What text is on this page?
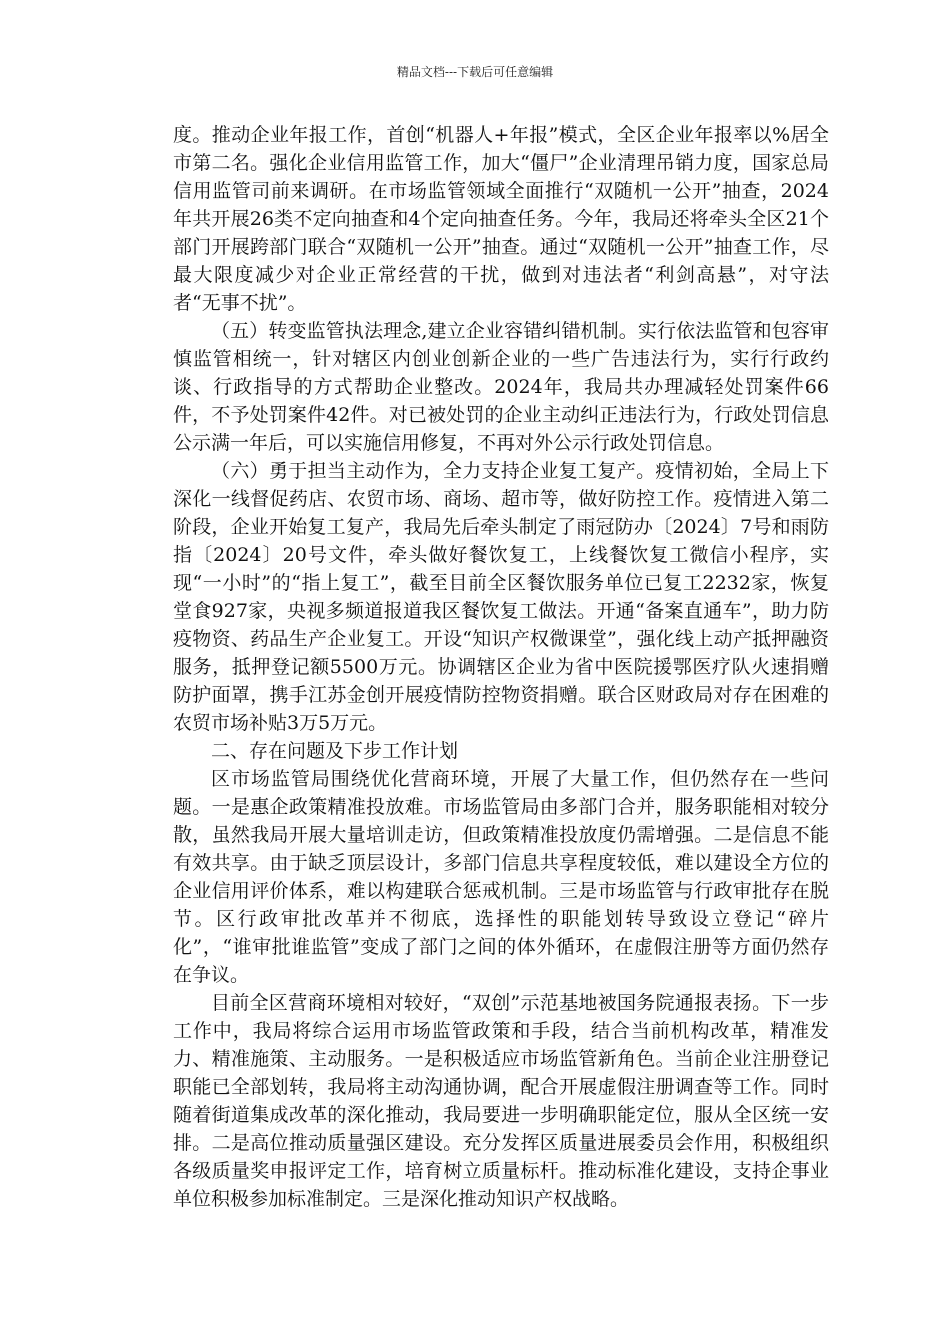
精品文档---下载后可任意编辑

度。推动企业年报工作，首创“机器人+年报”模式，全区企业年报率以%居全市第二名。强化企业信用监管工作，加大“僵尸”企业清理吊销力度，国家总局信用监管司前来调研。在市场监管领域全面推行“双随机一公开”抽查，2024年共开展26类不定向抽查和4个定向抽查任务。今年，我局还将牵头全区21个部门开展跨部门联合“双随机一公开”抽查。通过“双随机一公开”抽查工作，尽最大限度减少对企业正常经营的干扰，做到对违法者“利剑高悬”，对守法者“无事不扰”。

（五）转变监管执法理念,建立企业容错纠错机制。实行依法监管和包容审慎监管相统一，针对辖区内创业创新企业的一些广告违法行为，实行行政约谈、行政指导的方式帮助企业整改。2024年，我局共办理减轻处罚案件66件，不予处罚案件42件。对已被处罚的企业主动纠正违法行为，行政处罚信息公示满一年后，可以实施信用修复，不再对外公示行政处罚信息。

（六）勇于担当主动作为，全力支持企业复工复产。疫情初始，全局上下深化一线督促药店、农贸市场、商场、超市等，做好防控工作。疫情进入第二阶段，企业开始复工复产，我局先后牵头制定了雨冠防办〔2024〕7号和雨防指〔2024〕20号文件，牵头做好餐饮复工，上线餐饮复工微信小程序，实现“一小时”的“指上复工”，截至目前全区餐饮服务单位已复工2232家，恢复堂食927家，央视多频道报道我区餐饮复工做法。开通“备案直通车”，助力防疫物资、药品生产企业复工。开设“知识产权微课堂”，强化线上动产抵押融资服务，抵押登记额5500万元。协调辖区企业为省中医院援鄂医疗队火速捐赠防护面罩，携手江苏金创开展疫情防控物资捐赠。联合区财政局对存在困难的农贸市场补贴3万5万元。

二、存在问题及下步工作计划

区市场监管局围绕优化营商环境，开展了大量工作，但仍然存在一些问题。一是惠企政策精准投放难。市场监管局由多部门合并，服务职能相对较分散，虽然我局开展大量培训走访，但政策精准投放度仍需增强。二是信息不能有效共享。由于缺乏顶层设计，多部门信息共享程度较低，难以建设全方位的企业信用评价体系，难以构建联合惩戒机制。三是市场监管与行政审批存在脱节。区行政审批改革并不彻底，选择性的职能划转导致设立登记“碎片化”，“谁审批谁监管”变成了部门之间的体外循环，在虚假注册等方面仍然存在争议。

目前全区营商环境相对较好，“双创”示范基地被国务院通报表扬。下一步工作中，我局将综合运用市场监管政策和手段，结合当前机构改革，精准发力、精准施策、主动服务。一是积极适应市场监管新角色。当前企业注册登记职能已全部划转，我局将主动沟通协调，配合开展虚假注册调查等工作。同时随着街道集成改革的深化推动，我局要进一步明确职能定位，服从全区统一安排。二是高位推动质量强区建设。充分发挥区质量进展委员会作用，积极组织各级质量奖申报评定工作，培育树立质量标杆。推动标准化建设，支持企事业单位积极参加标准制定。三是深化推动知识产权战略。
